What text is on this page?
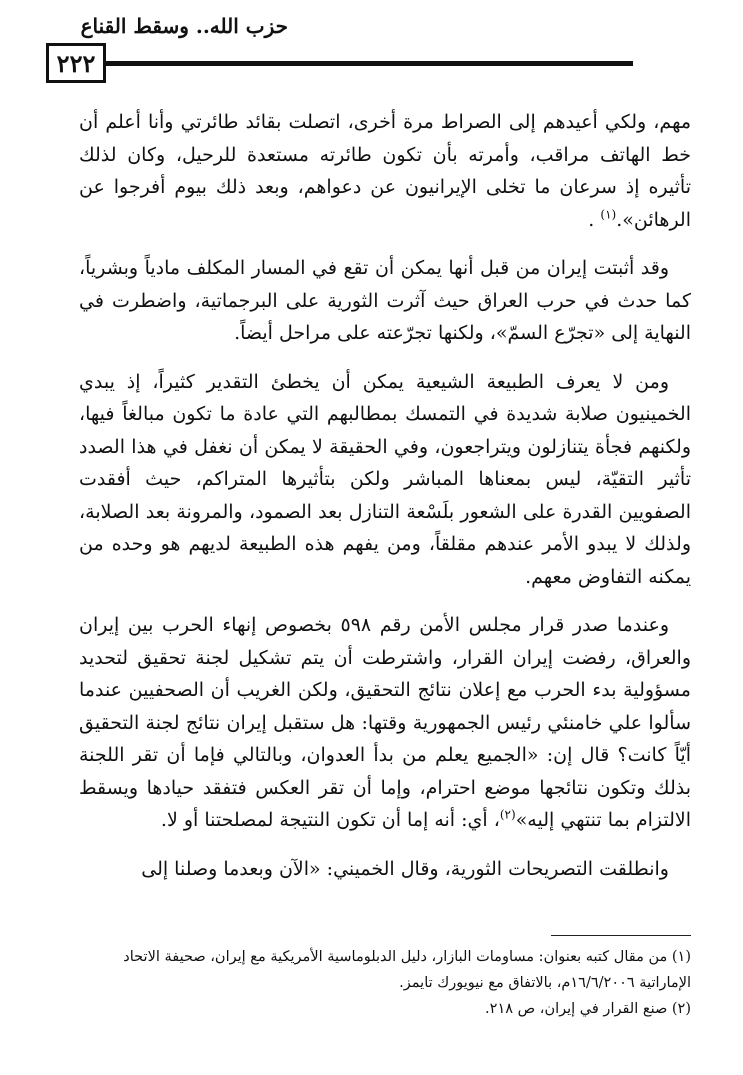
حزب الله.. وسقط القناع
٢٢٢

مهم، ولكي أعيدهم إلى الصراط مرة أخرى، اتصلت بقائد طائرتي وأنا أعلم أن خط الهاتف مراقب، وأمرته بأن تكون طائرته مستعدة للرحيل، وكان لذلك تأثيره إذ سرعان ما تخلى الإيرانيون عن دعواهم، وبعد ذلك بيوم أفرجوا عن الرهائن».$^{(١)}$ .

وقد أثبتت إيران من قبل أنها يمكن أن تقع في المسار المكلف مادياً وبشرياً، كما حدث في حرب العراق حيث آثرت الثورية على البرجماتية، واضطرت في النهاية إلى «تجرّع السمّ»، ولكنها تجرّعته على مراحل أيضاً.

ومن لا يعرف الطبيعة الشيعية يمكن أن يخطئ التقدير كثيراً، إذ يبدي الخمينيون صلابة شديدة في التمسك بمطالبهم التي عادة ما تكون مبالغاً فيها، ولكنهم فجأة يتنازلون ويتراجعون، وفي الحقيقة لا يمكن أن نغفل في هذا الصدد تأثير التقيّة، ليس بمعناها المباشر ولكن بتأثيرها المتراكم، حيث أفقدت الصفويين القدرة على الشعور بلَسْعة التنازل بعد الصمود، والمرونة بعد الصلابة، ولذلك لا يبدو الأمر عندهم مقلقاً، ومن يفهم هذه الطبيعة لديهم هو وحده من يمكنه التفاوض معهم.

وعندما صدر قرار مجلس الأمن رقم ٥٩٨ بخصوص إنهاء الحرب بين إيران والعراق، رفضت إيران القرار، واشترطت أن يتم تشكيل لجنة تحقيق لتحديد مسؤولية بدء الحرب مع إعلان نتائج التحقيق، ولكن الغريب أن الصحفيين عندما سألوا علي خامنئي رئيس الجمهورية وقتها: هل ستقبل إيران نتائج لجنة التحقيق أيّاً كانت؟ قال إن: «الجميع يعلم من بدأ العدوان، وبالتالي فإما أن تقر اللجنة بذلك وتكون نتائجها موضع احترام، وإما أن تقر العكس فتفقد حيادها ويسقط الالتزام بما تنتهي إليه»$^{(٢)}$، أي: أنه إما أن تكون النتيجة لمصلحتنا أو لا.

وانطلقت التصريحات الثورية، وقال الخميني: «الآن وبعدما وصلنا إلى

(١) من مقال كتبه بعنوان: مساومات البازار، دليل الدبلوماسية الأمريكية مع إيران، صحيفة الاتحاد الإماراتية ١٦/٦/٢٠٠٦م، بالاتفاق مع نيويورك تايمز.

(٢) صنع القرار في إيران، ص ٢١٨.
